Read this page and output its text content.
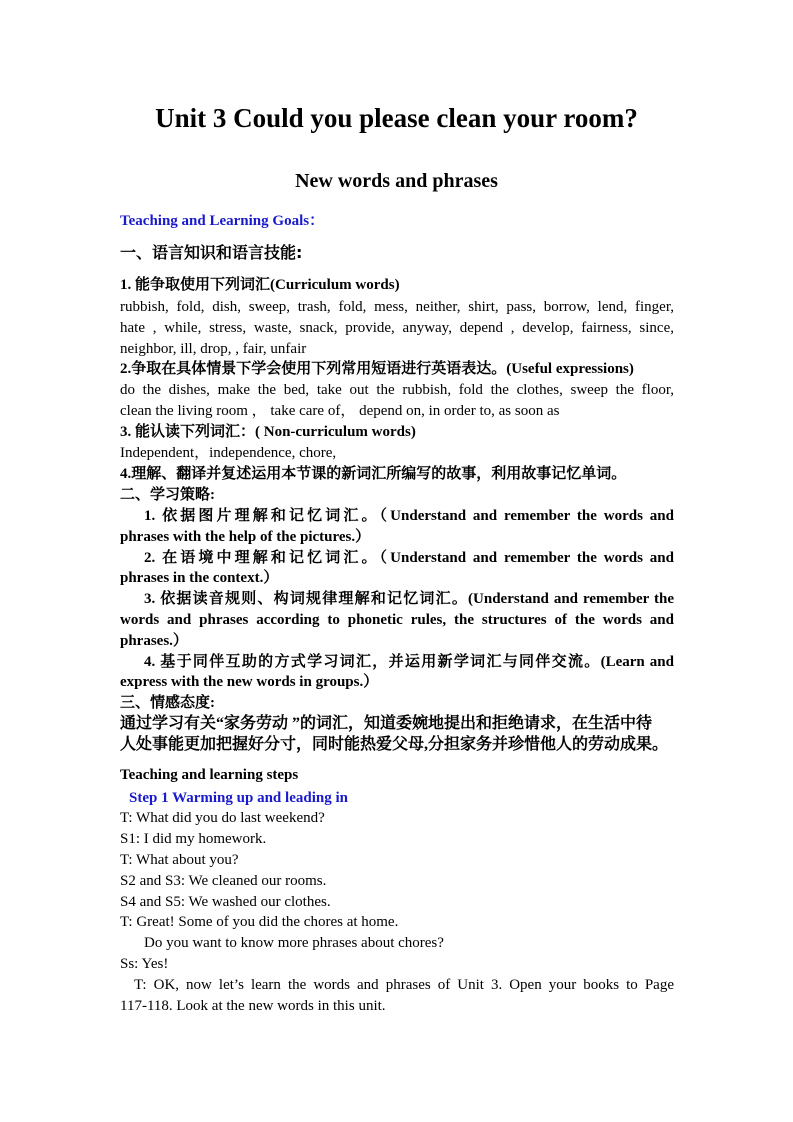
Unit 3 Could you please clean your room?
New words and phrases
Teaching and Learning Goals：
一、语言知识和语言技能:
1. 能争取使用下列词汇(Curriculum words)
rubbish, fold, dish, sweep, trash, fold, mess, neither, shirt, pass, borrow, lend, finger,
hate , while, stress, waste, snack, provide, anyway, depend , develop, fairness, since,
neighbor, ill, drop, , fair, unfair
2.争取在具体情景下学会使用下列常用短语进行英语表达。(Useful expressions)
do the dishes, make the bed, take out the rubbish, fold the clothes, sweep the floor,
clean the living room ， take care of， depend on, in order to, as soon as
3. 能认读下列词汇：( Non-curriculum words)
Independent，independence, chore,
4.理解、翻译并复述运用本节课的新词汇所编写的故事，利用故事记忆单词。
二、学习策略:
1. 依据图片理解和记忆词汇。（Understand and remember the words and
phrases with the help of the pictures.）
2. 在语境中理解和记忆词汇。（Understand and remember the words and
phrases in the context.）
3. 依据读音规则、构词规律理解和记忆词汇。(Understand and remember the
words and phrases according to phonetic rules, the structures of the words and
phrases.）
4. 基于同伴互助的方式学习词汇，并运用新学词汇与同伴交流。(Learn and
express with the new words in groups.）
三、情感态度:
通过学习有关“家务劳动 ”的词汇，知道委婉地提出和拒绝请求，在生活中待
人处事能更加把握好分寸，同时能热爱父母,分担家务并珍惜他人的劳动成果。
Teaching and learning steps
Step 1 Warming up and leading in
T: What did you do last weekend?
S1: I did my homework.
T: What about you?
S2 and S3: We cleaned our rooms.
S4 and S5: We washed our clothes.
T: Great! Some of you did the chores at home.
Do you want to know more phrases about chores?
Ss: Yes!
T: OK, now let’s learn the words and phrases of Unit 3. Open your books to Page
117-118. Look at the new words in this unit.
